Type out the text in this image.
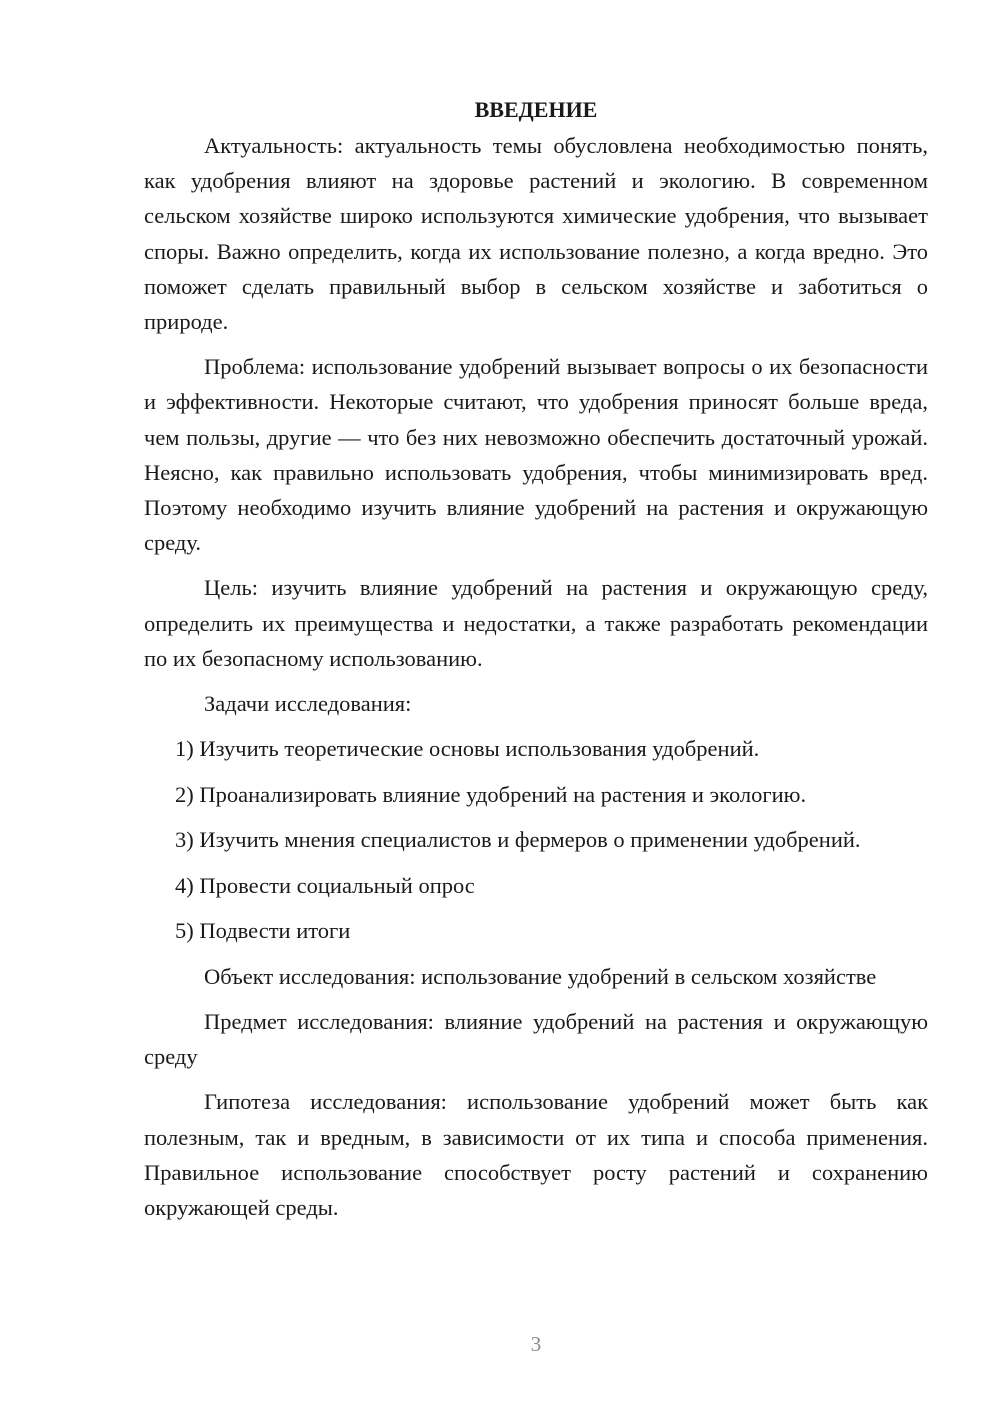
ВВЕДЕНИЕ

Актуальность: актуальность темы обусловлена необходимостью понять, как удобрения влияют на здоровье растений и экологию. В современном сельском хозяйстве широко используются химические удобрения, что вызывает споры. Важно определить, когда их использование полезно, а когда вредно. Это поможет сделать правильный выбор в сельском хозяйстве и заботиться о природе.

Проблема: использование удобрений вызывает вопросы о их безопасности и эффективности. Некоторые считают, что удобрения приносят больше вреда, чем пользы, другие — что без них невозможно обеспечить достаточный урожай. Неясно, как правильно использовать удобрения, чтобы минимизировать вред. Поэтому необходимо изучить влияние удобрений на растения и окружающую среду.

Цель: изучить влияние удобрений на растения и окружающую среду, определить их преимущества и недостатки, а также разработать рекомендации по их безопасному использованию.

Задачи исследования:

1) Изучить теоретические основы использования удобрений.
2) Проанализировать влияние удобрений на растения и экологию.
3) Изучить мнения специалистов и фермеров о применении удобрений.
4) Провести социальный опрос
5) Подвести итоги

Объект исследования: использование удобрений в сельском хозяйстве

Предмет исследования: влияние удобрений на растения и окружающую среду

Гипотеза исследования: использование удобрений может быть как полезным, так и вредным, в зависимости от их типа и способа применения. Правильное использование способствует росту растений и сохранению окружающей среды.

3
